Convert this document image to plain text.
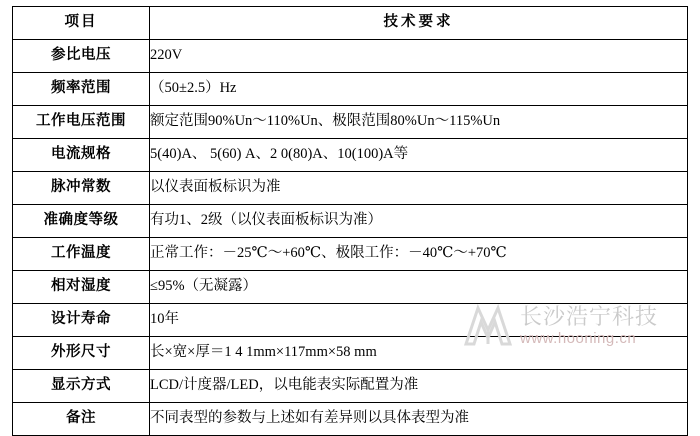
项目	技术要求
参比电压	220V
频率范围	（50±2.5）Hz
工作电压范围	额定范围90%Un～110%Un、极限范围80%Un～115%Un
电流规格	5(40)A、 5(60) A、2 0(80)A、10(100)A等
脉冲常数	以仪表面板标识为准
准确度等级	有功1、2级（以仪表面板标识为准）
工作温度	正常工作：－25℃～+60℃、极限工作：－40℃～+70℃
相对湿度	≤95%（无凝露）
设计寿命	10年
外形尺寸	长×宽×厚＝1 4 1mm×117mm×58 mm
显示方式	LCD/计度器/LED，以电能表实际配置为准
备注	不同表型的参数与上述如有差异则以具体表型为准
长沙浩宁科技
www.hooning.cn
